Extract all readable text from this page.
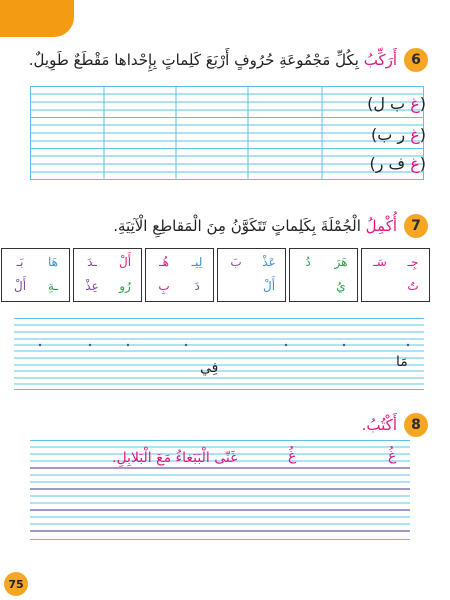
6
أَرَكِّبُ بِكُلِّ مَجْمُوعَةِ حُرُوفٍ أَرْبَعَ كَلِماتٍ بِإِحْداها مَقْطَعٌ طَوِيلٌ.
(غ ب ل)
(غ ر ب)
(غ ف ر)
7
أُكْمِلُ الْجُمْلَةَ بِكَلِماتٍ تَتَكَوَّنُ مِنَ الْمَقاطِعِ الْآتِيَةِ.
جِـ
سَـ
تٌ
هَرَ
دُ
يُ
عَذْ
بَ
أَلْ
لِيـ
هُـ
دَ
بِ
أَلْ
ـدَ
رُو
عِذْ
هَا
بَـ
ـةِ
أَلْ
مَا
فِي
8
أَكْتُبُ.
غُ
غُ
غَنّى الْبَبَغاءُ مَعَ الْبَلابِلِ.
75
